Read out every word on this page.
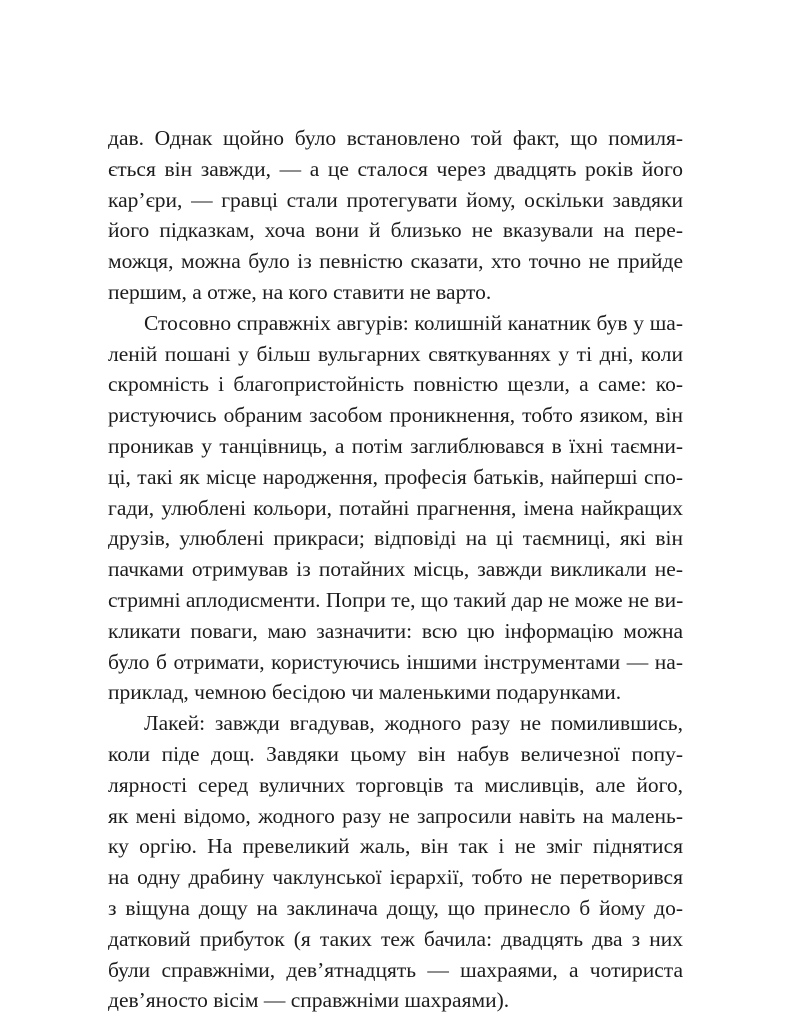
дав. Однак щойно було встановлено той факт, що помиля-
ється він завжди, — а це сталося через двадцять років його
кар’єри, — гравці стали протегувати йому, оскільки завдяки
його підказкам, хоча вони й близько не вказували на пере-
можця, можна було із певністю сказати, хто точно не прийде
першим, а отже, на кого ставити не варто.
Стосовно справжніх авгурів: колишній канатник був у ша-
леній пошані у більш вульгарних святкуваннях у ті дні, коли
скромність і благопристойність повністю щезли, а саме: ко-
ристуючись обраним засобом проникнення, тобто язиком, він
проникав у танцівниць, а потім заглиблювався в їхні таємни-
ці, такі як місце народження, професія батьків, найперші спо-
гади, улюблені кольори, потайні прагнення, імена найкращих
друзів, улюблені прикраси; відповіді на ці таємниці, які він
пачками отримував із потайних місць, завжди викликали не-
стримні аплодисменти. Попри те, що такий дар не може не ви-
кликати поваги, маю зазначити: всю цю інформацію можна
було б отримати, користуючись іншими інструментами — на-
приклад, чемною бесідою чи маленькими подарунками.
Лакей: завжди вгадував, жодного разу не помилившись,
коли піде дощ. Завдяки цьому він набув величезної попу-
лярності серед вуличних торговців та мисливців, але його,
як мені відомо, жодного разу не запросили навіть на малень-
ку оргію. На превеликий жаль, він так і не зміг піднятися
на одну драбину чаклунської ієрархії, тобто не перетворився
з віщуна дощу на заклинача дощу, що принесло б йому до-
датковий прибуток (я таких теж бачила: двадцять два з них
були справжніми, дев’ятнадцять — шахраями, а чотириста
дев’яносто вісім — справжніми шахраями).
